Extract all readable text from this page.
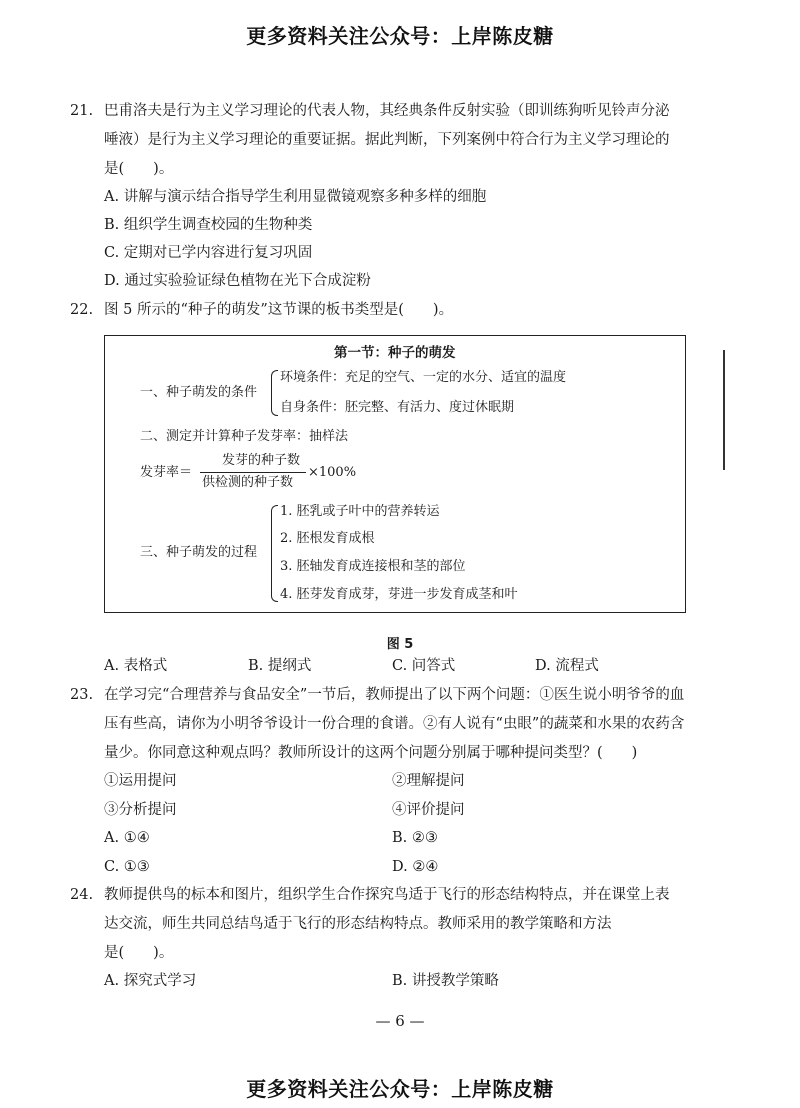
更多资料关注公众号：上岸陈皮糖
21. 巴甫洛夫是行为主义学习理论的代表人物，其经典条件反射实验（即训练狗听见铃声分泌
唾液）是行为主义学习理论的重要证据。据此判断，下列案例中符合行为主义学习理论的
是(　　)。
A. 讲解与演示结合指导学生利用显微镜观察多种多样的细胞
B. 组织学生调查校园的生物种类
C. 定期对已学内容进行复习巩固
D. 通过实验验证绿色植物在光下合成淀粉
22. 图 5 所示的“种子的萌发”这节课的板书类型是(　　)。
第一节：种子的萌发
一、种子萌发的条件
环境条件：充足的空气、一定的水分、适宜的温度
自身条件：胚完整、有活力、度过休眠期
二、测定并计算种子发芽率：抽样法
发芽率＝
发芽的种子数
供检测的种子数
×100%
三、种子萌发的过程
1. 胚乳或子叶中的营养转运
2. 胚根发育成根
3. 胚轴发育成连接根和茎的部位
4. 胚芽发育成芽，芽进一步发育成茎和叶
图 5
A. 表格式	B. 提纲式	C. 问答式	D. 流程式
23. 在学习完“合理营养与食品安全”一节后，教师提出了以下两个问题：①医生说小明爷爷的血
压有些高，请你为小明爷爷设计一份合理的食谱。②有人说有“虫眼”的蔬菜和水果的农药含
量少。你同意这种观点吗？教师所设计的这两个问题分别属于哪种提问类型？(　　)
①运用提问	②理解提问
③分析提问	④评价提问
A. ①④	B. ②③
C. ①③	D. ②④
24. 教师提供鸟的标本和图片，组织学生合作探究鸟适于飞行的形态结构特点，并在课堂上表
达交流，师生共同总结鸟适于飞行的形态结构特点。教师采用的教学策略和方法
是(　　)。
A. 探究式学习	B. 讲授教学策略
— 6 —
更多资料关注公众号：上岸陈皮糖
